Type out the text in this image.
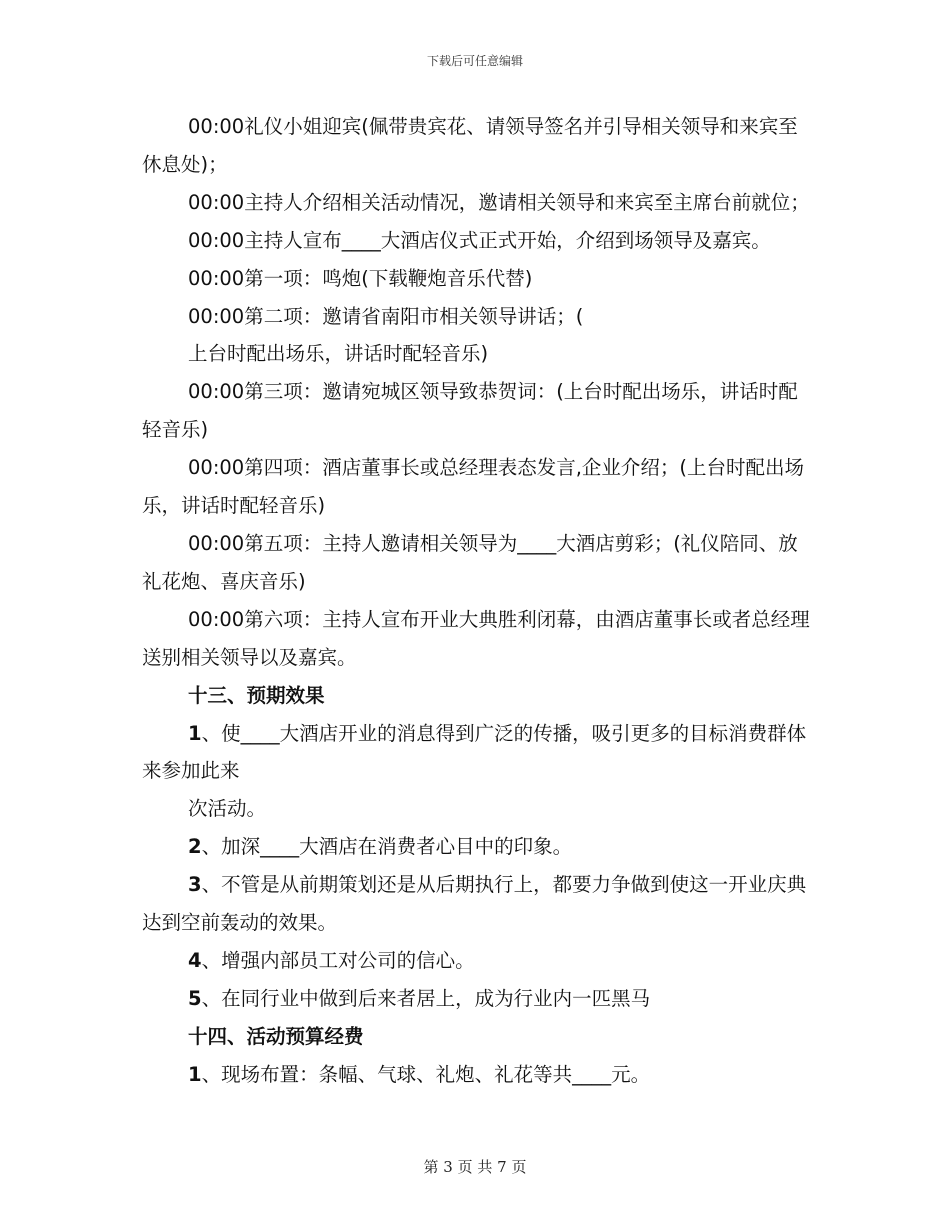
下载后可任意编辑

00:00礼仪小姐迎宾(佩带贵宾花、请领导签名并引导相关领导和来宾至休息处)；

00:00主持人介绍相关活动情况，邀请相关领导和来宾至主席台前就位；

00:00主持人宣布____大酒店仪式正式开始，介绍到场领导及嘉宾。

00:00第一项：鸣炮(下载鞭炮音乐代替)

00:00第二项：邀请省南阳市相关领导讲话；(

上台时配出场乐，讲话时配轻音乐)

00:00第三项：邀请宛城区领导致恭贺词：(上台时配出场乐，讲话时配轻音乐)

00:00第四项：酒店董事长或总经理表态发言,企业介绍；(上台时配出场乐，讲话时配轻音乐)

00:00第五项：主持人邀请相关领导为____大酒店剪彩；(礼仪陪同、放礼花炮、喜庆音乐)

00:00第六项：主持人宣布开业大典胜利闭幕，由酒店董事长或者总经理送别相关领导以及嘉宾。

十三、预期效果

1、使____大酒店开业的消息得到广泛的传播，吸引更多的目标消费群体来参加此来

次活动。

2、加深____大酒店在消费者心目中的印象。

3、不管是从前期策划还是从后期执行上，都要力争做到使这一开业庆典达到空前轰动的效果。

4、增强内部员工对公司的信心。

5、在同行业中做到后来者居上，成为行业内一匹黑马

十四、活动预算经费

1、现场布置：条幅、气球、礼炮、礼花等共____元。

第 3 页 共 7 页
